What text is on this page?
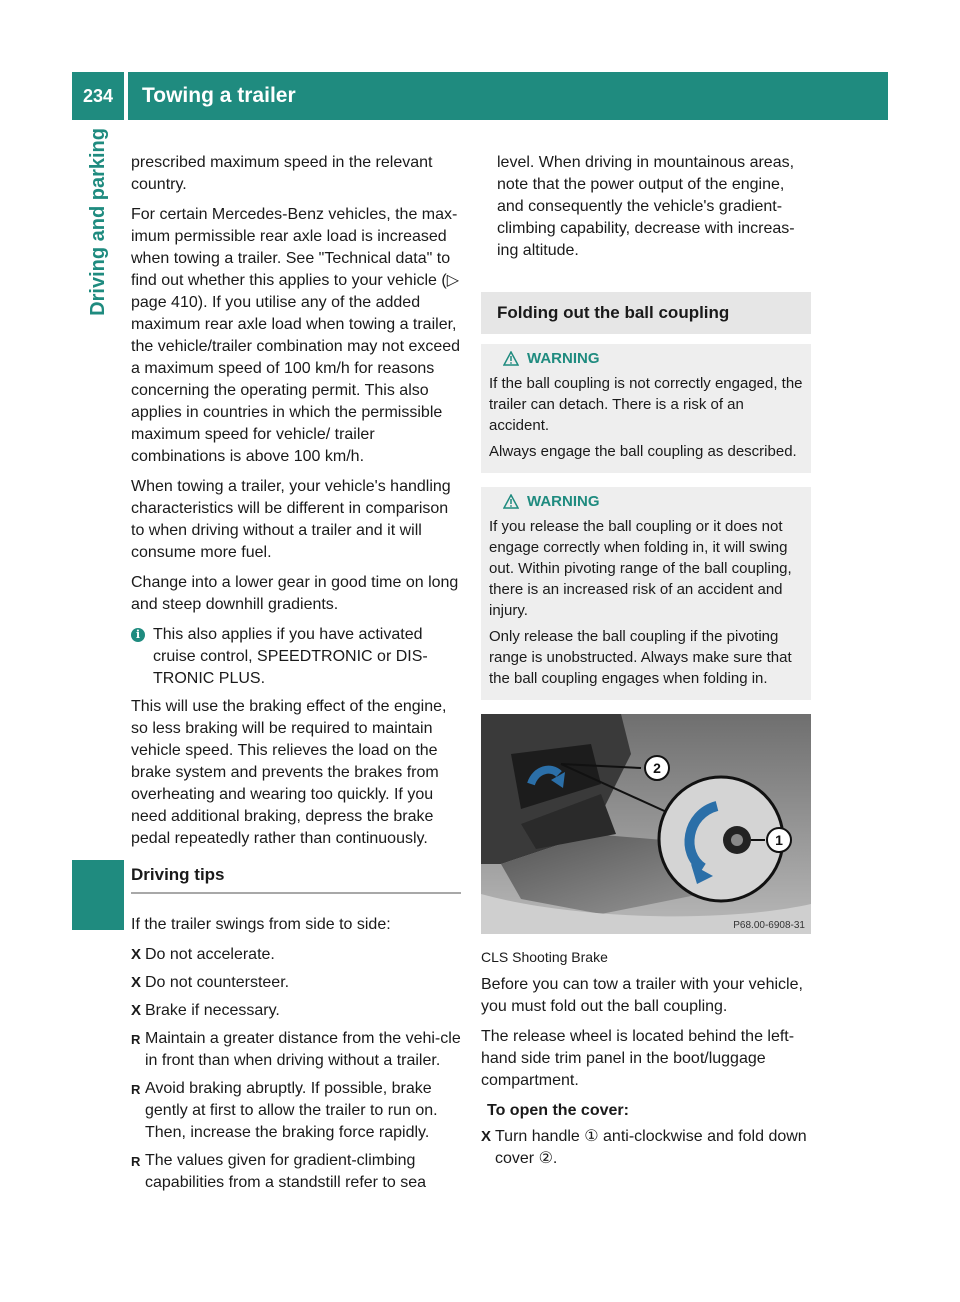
234	Towing a trailer
Driving and parking prescribed maximum speed in the relevant country.

For certain Mercedes-Benz vehicles, the max-imum permissible rear axle load is increased when towing a trailer. See "Technical data" to find out whether this applies to your vehicle (▷ page 410). If you utilise any of the added maximum rear axle load when towing a trailer, the vehicle/trailer combination may not exceed a maximum speed of 100 km/h for reasons concerning the operating permit. This also applies in countries in which the permissible maximum speed for vehicle/ trailer combinations is above 100 km/h.

When towing a trailer, your vehicle's handling characteristics will be different in comparison to when driving without a trailer and it will consume more fuel.

Change into a lower gear in good time on long and steep downhill gradients.

i This also applies if you have activated cruise control, SPEEDTRONIC or DIS-TRONIC PLUS.

This will use the braking effect of the engine, so less braking will be required to maintain vehicle speed. This relieves the load on the brake system and prevents the brakes from overheating and wearing too quickly. If you need additional braking, depress the brake pedal repeatedly rather than continuously.

Driving tips

If the trailer swings from side to side:

X Do not accelerate.
X Do not countersteer.
X Brake if necessary.
R Maintain a greater distance from the vehi-cle in front than when driving without a trailer.
R Avoid braking abruptly. If possible, brake gently at first to allow the trailer to run on. Then, increase the braking force rapidly.
R The values given for gradient-climbing capabilities from a standstill refer to sea

level. When driving in mountainous areas, note that the power output of the engine, and consequently the vehicle's gradient-climbing capability, decrease with increas-ing altitude.

Folding out the ball coupling
WARNING

If the ball coupling is not correctly engaged, the trailer can detach. There is a risk of an accident.

Always engage the ball coupling as described.

WARNING

If you release the ball coupling or it does not engage correctly when folding in, it will swing out. Within pivoting range of the ball coupling, there is an increased risk of an accident and injury.

Only release the ball coupling if the pivoting range is unobstructed. Always make sure that the ball coupling engages when folding in.

2
1
P68.00-6908-31
CLS Shooting Brake

Before you can tow a trailer with your vehicle, you must fold out the ball coupling.

The release wheel is located behind the left-hand side trim panel in the boot/luggage compartment.

To open the cover:
X Turn handle ① anti-clockwise and fold down cover ②.
